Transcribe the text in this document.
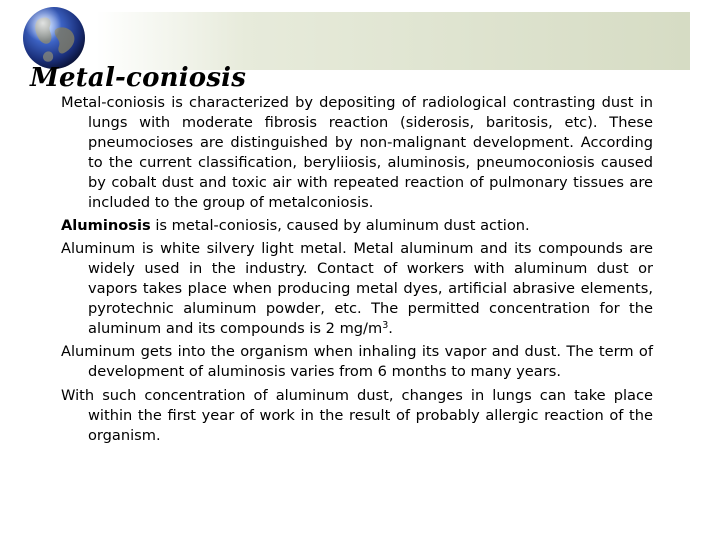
Metal-coniosis

Metal-coniosis is characterized by depositing of radiological contrasting dust in lungs with moderate fibrosis reaction (siderosis, baritosis, etc). These pneumocioses are distinguished by non-malignant development. According to the current classification, beryliiosis, aluminosis, pneumoconiosis caused by cobalt dust and toxic air with repeated reaction of pulmonary tissues are included to the group of metalconiosis.

Aluminosis is metal-coniosis, caused by aluminum dust action.

Aluminum is white silvery light metal. Metal aluminum and its compounds are widely used in the industry. Contact of workers with aluminum dust or vapors takes place when producing metal dyes, artificial abrasive elements, pyrotechnic aluminum powder, etc. The permitted concentration for the aluminum and its compounds is 2 $mg/m^3$.

Aluminum gets into the organism when inhaling its vapor and dust. The term of development of aluminosis varies from 6 months to many years.

With such concentration of aluminum dust, changes in lungs can take place within the first year of work in the result of probably allergic reaction of the organism.
